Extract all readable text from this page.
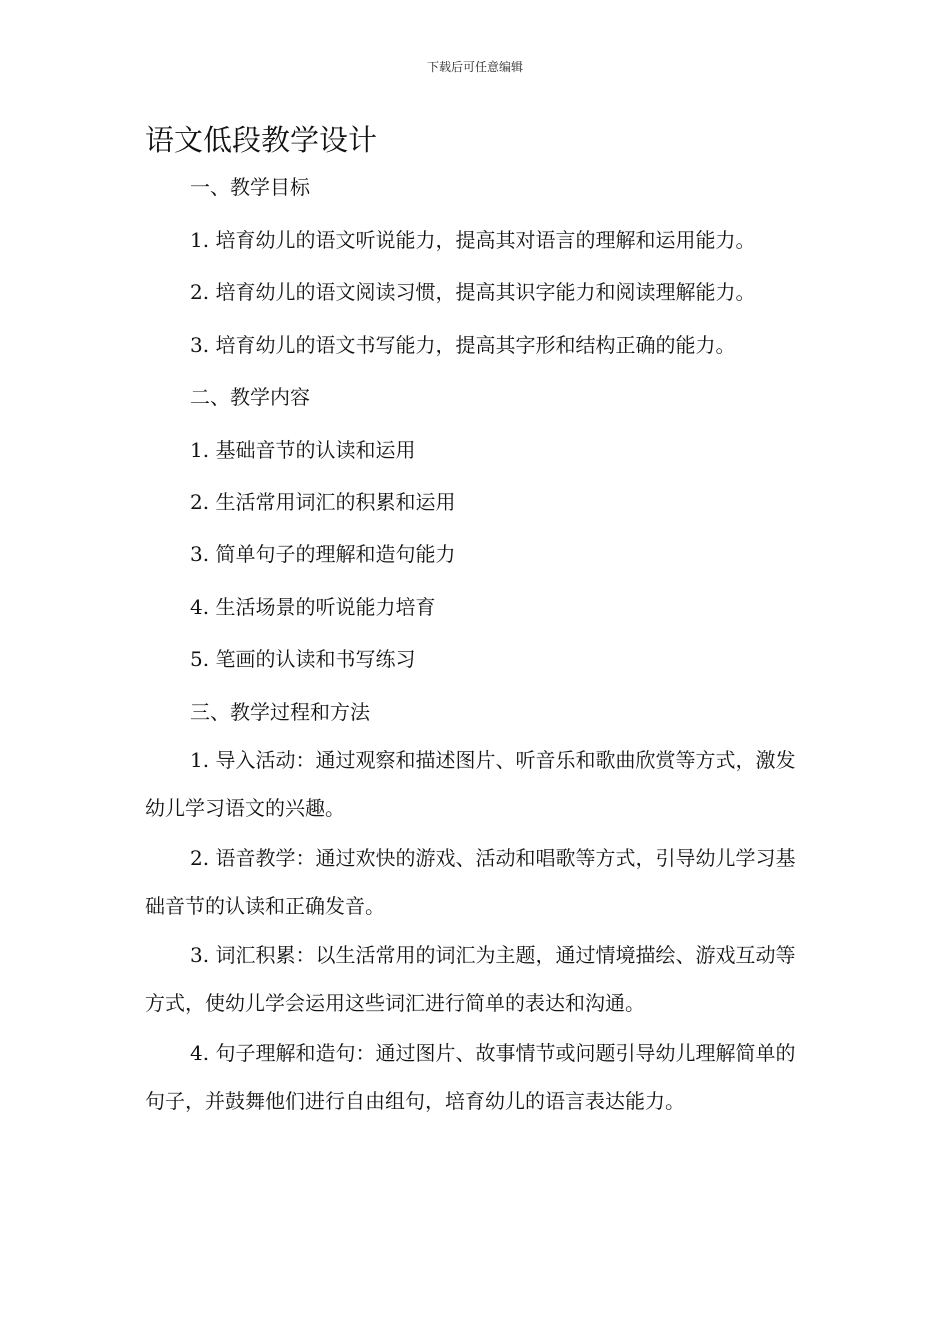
下载后可任意编辑
语文低段教学设计
一、教学目标
1. 培育幼儿的语文听说能力，提高其对语言的理解和运用能力。
2. 培育幼儿的语文阅读习惯，提高其识字能力和阅读理解能力。
3. 培育幼儿的语文书写能力，提高其字形和结构正确的能力。
二、教学内容
1. 基础音节的认读和运用
2. 生活常用词汇的积累和运用
3. 简单句子的理解和造句能力
4. 生活场景的听说能力培育
5. 笔画的认读和书写练习
三、教学过程和方法
1. 导入活动：通过观察和描述图片、听音乐和歌曲欣赏等方式，激发幼儿学习语文的兴趣。
2. 语音教学：通过欢快的游戏、活动和唱歌等方式，引导幼儿学习基础音节的认读和正确发音。
3. 词汇积累：以生活常用的词汇为主题，通过情境描绘、游戏互动等方式，使幼儿学会运用这些词汇进行简单的表达和沟通。
4. 句子理解和造句：通过图片、故事情节或问题引导幼儿理解简单的句子，并鼓舞他们进行自由组句，培育幼儿的语言表达能力。
